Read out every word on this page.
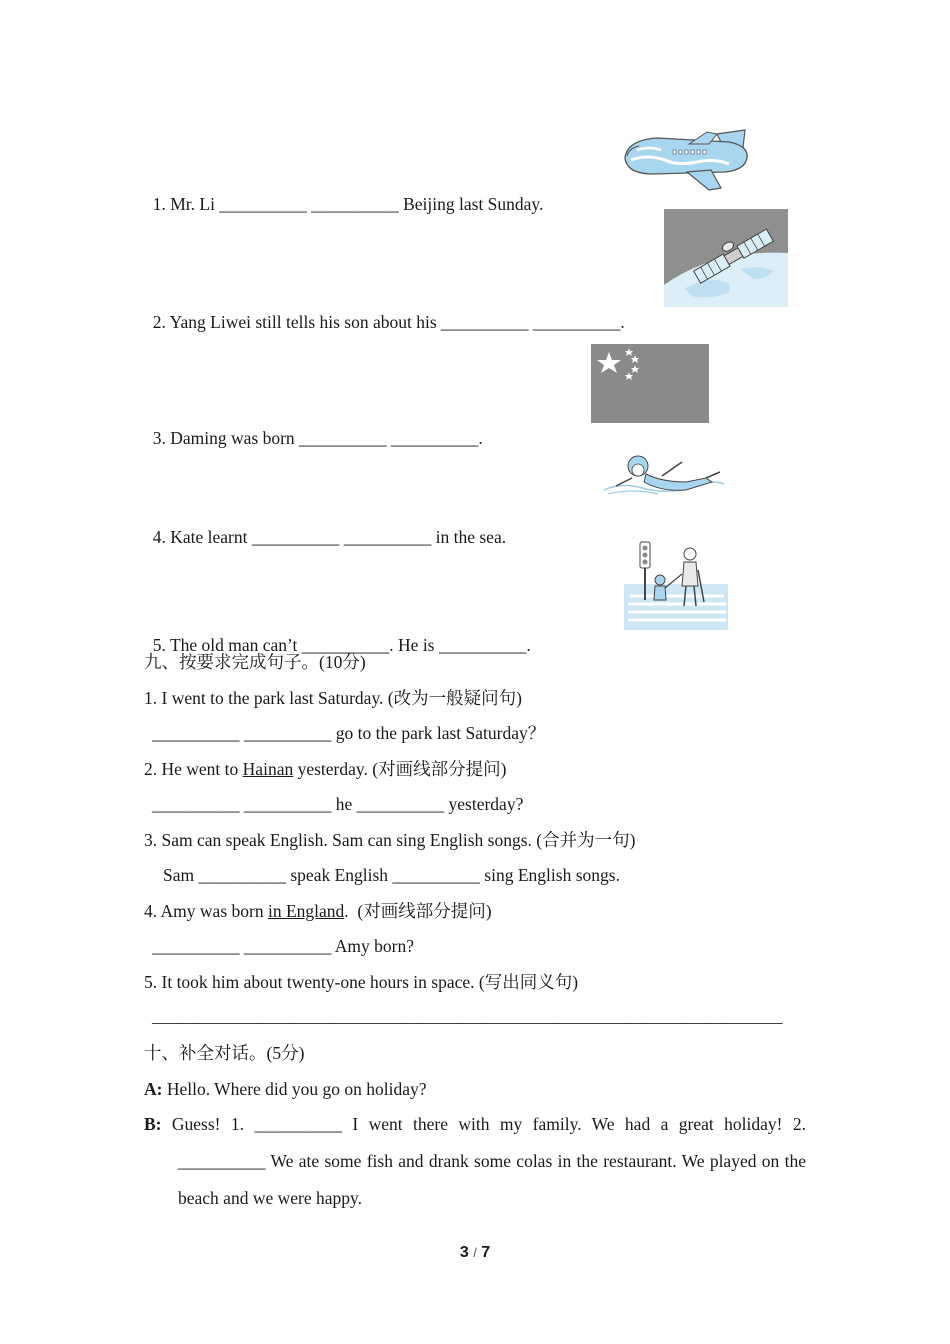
1. Mr. Li __________ __________ Beijing last Sunday.

2. Yang Liwei still tells his son about his __________ __________.

3. Daming was born __________ __________.

4. Kate learnt __________ __________ in the sea.

5. The old man can’t __________. He is __________.

九、按要求完成句子。(10分)
1. I went to the park last Saturday. (改为一般疑问句)
__________ __________ go to the park last Saturday？
2. He went to Hainan yesterday. (对画线部分提问)
__________ __________ he __________ yesterday?
3. Sam can speak English. Sam can sing English songs. (合并为一句)
Sam __________ speak English __________ sing English songs.
4. Amy was born in England.  (对画线部分提问)
__________ __________ Amy born?
5. It took him about twenty-one hours in space. (写出同义句)
____________________________________________________________________________
十、补全对话。(5分)
A: Hello. Where did you go on holiday?
B: Guess! 1. __________ I went there with my family. We had a great holiday! 2. __________ We ate some fish and drank some colas in the restaurant. We played on the beach and we were happy.
3 / 7
